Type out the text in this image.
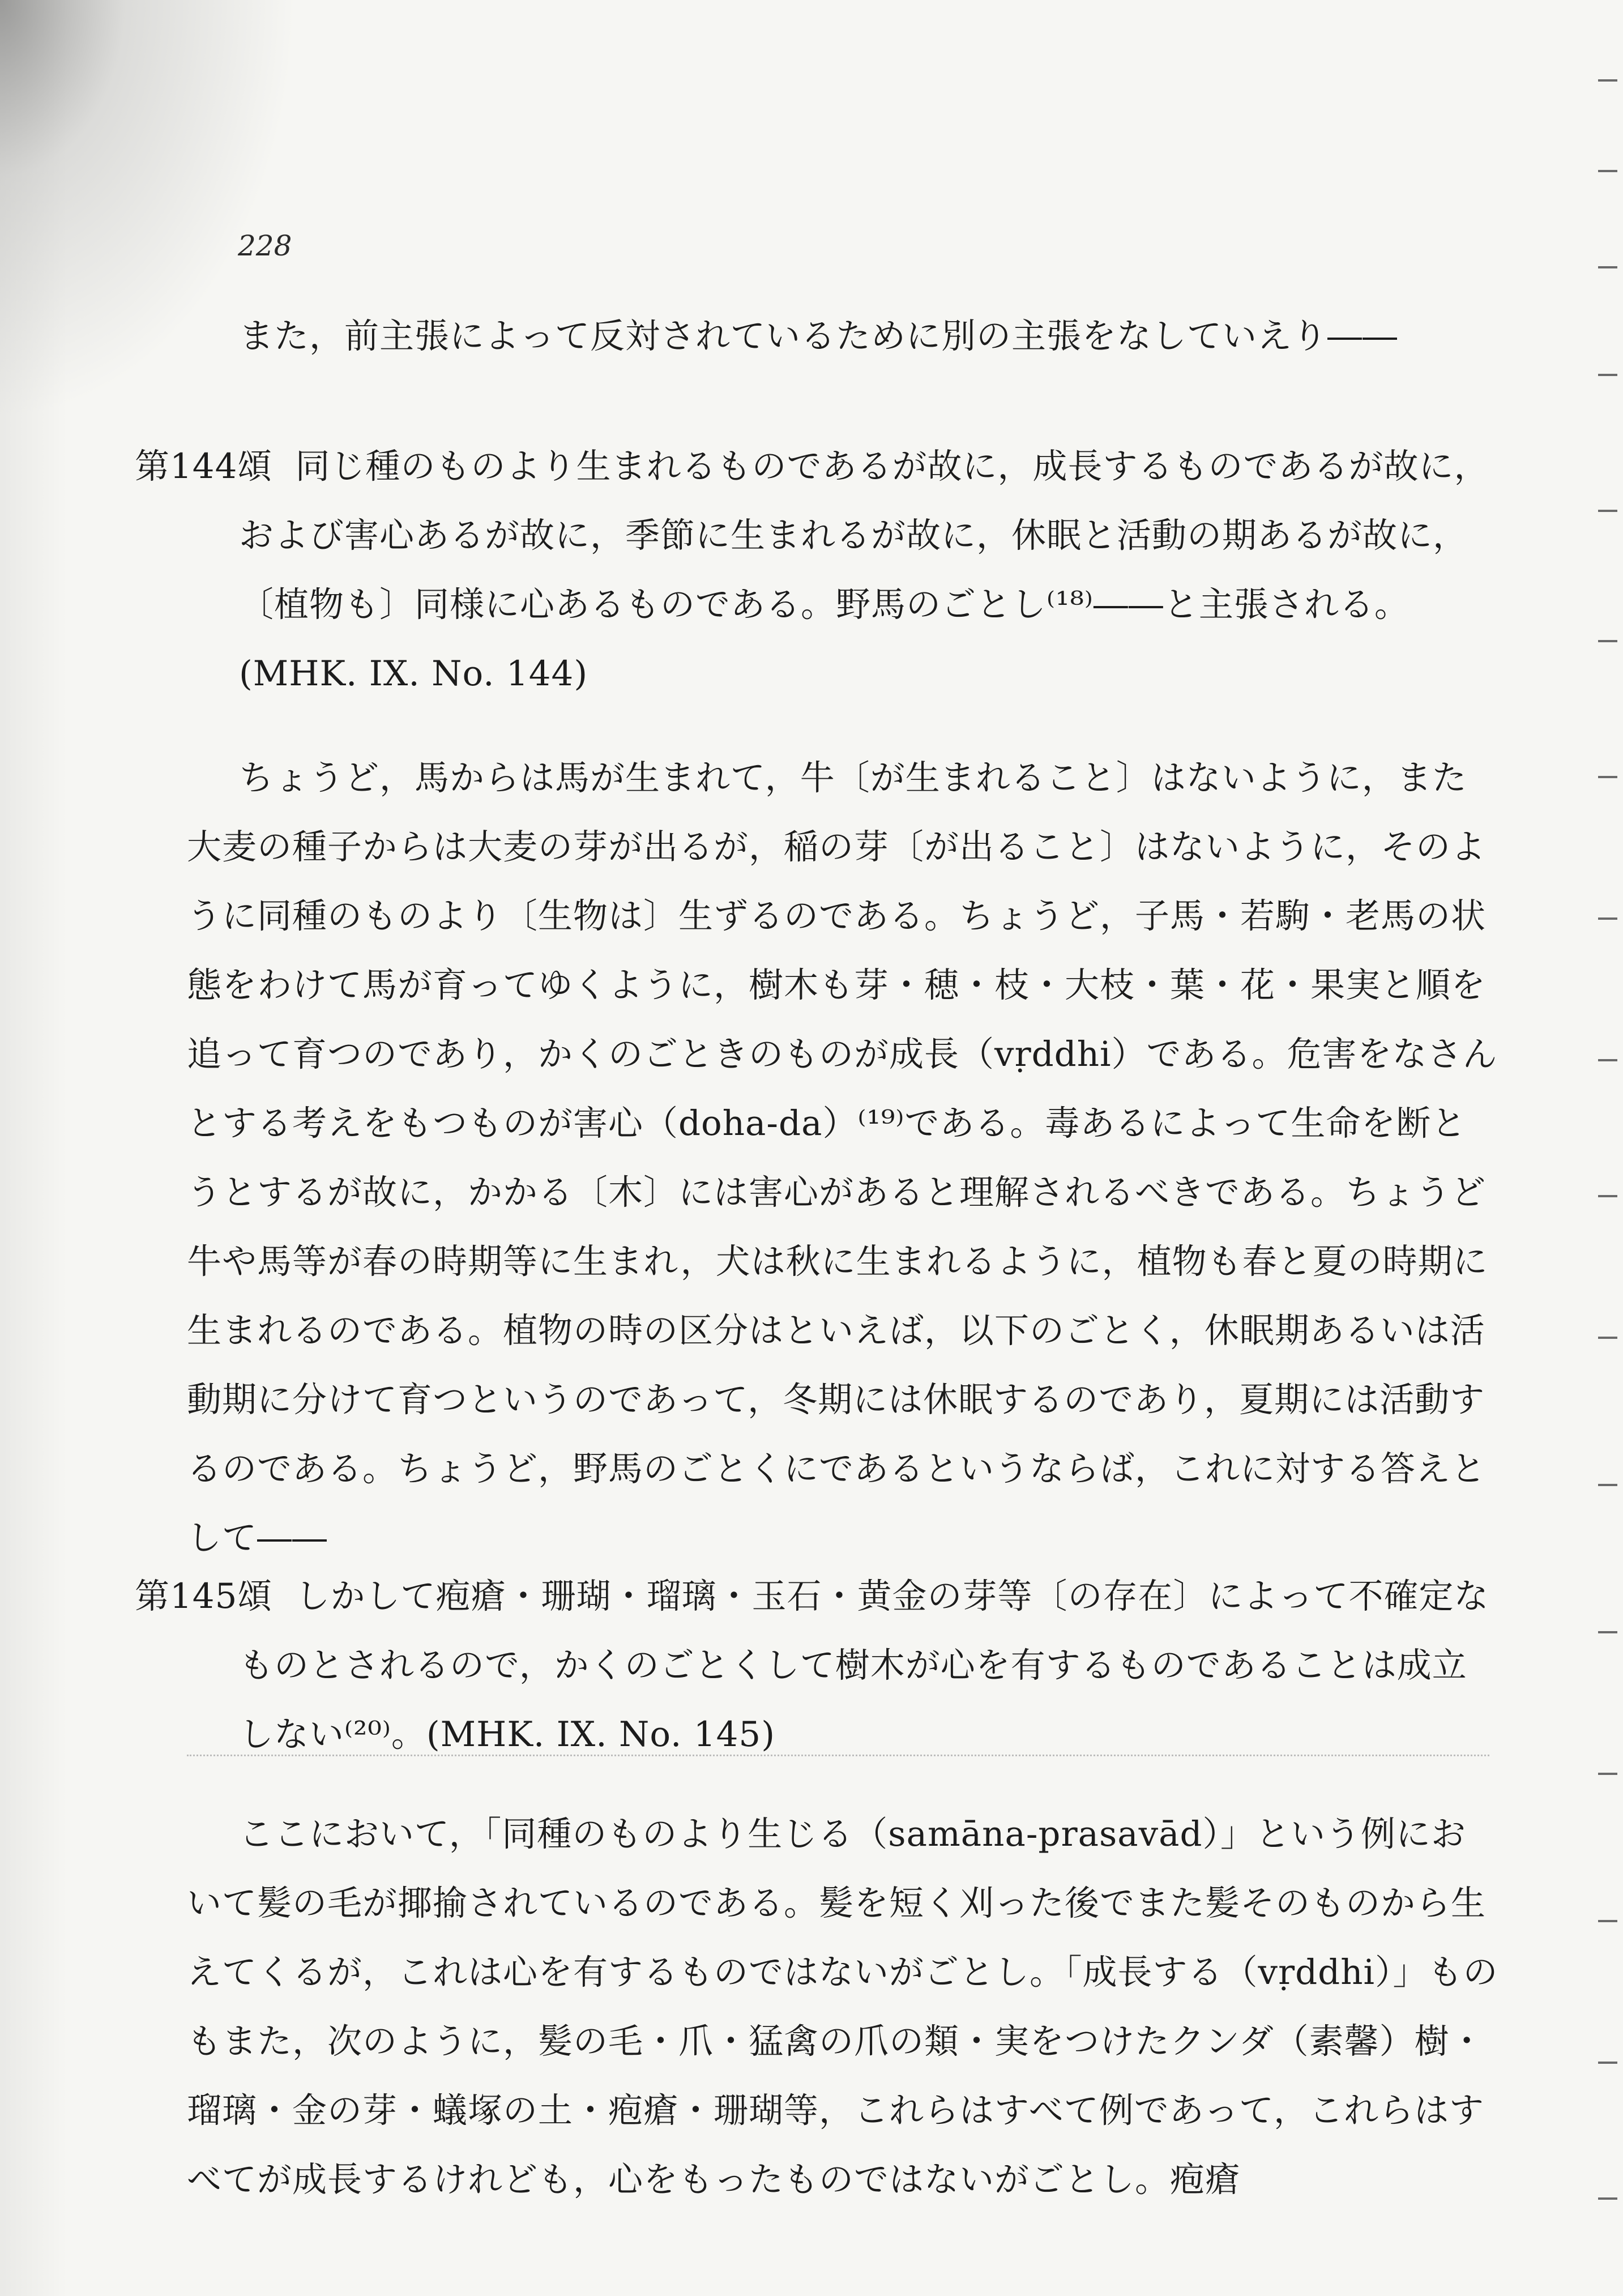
228

また，前主張によって反対されているために別の主張をなしていえり――

第144頌 同じ種のものより生まれるものであるが故に，成長するものであるが故に，および害心あるが故に，季節に生まれるが故に，休眠と活動の期あるが故に，〔植物も〕同様に心あるものである。野馬のごとし⁽¹⁸⁾――と主張される。(MHK. IX. No. 144)

ちょうど，馬からは馬が生まれて，牛〔が生まれること〕はないように，また大麦の種子からは大麦の芽が出るが，稲の芽〔が出ること〕はないように，そのように同種のものより〔生物は〕生ずるのである。ちょうど，子馬・若駒・老馬の状態をわけて馬が育ってゆくように，樹木も芽・穂・枝・大枝・葉・花・果実と順を追って育つのであり，かくのごときのものが成長（vṛddhi）である。危害をなさんとする考えをもつものが害心（doha-da）⁽¹⁹⁾である。毒あるによって生命を断とうとするが故に，かかる〔木〕には害心があると理解されるべきである。ちょうど牛や馬等が春の時期等に生まれ，犬は秋に生まれるように，植物も春と夏の時期に生まれるのである。植物の時の区分はといえば，以下のごとく，休眠期あるいは活動期に分けて育つというのであって，冬期には休眠するのであり，夏期には活動するのである。ちょうど，野馬のごとくにであるというならば，これに対する答えとして――

第145頌 しかして疱瘡・珊瑚・瑠璃・玉石・黄金の芽等〔の存在〕によって不確定なものとされるので，かくのごとくして樹木が心を有するものであることは成立しない⁽²⁰⁾。(MHK. IX. No. 145)

ここにおいて，「同種のものより生じる（samāna-prasavād）」という例において髪の毛が揶揄されているのである。髪を短く刈った後でまた髪そのものから生えてくるが，これは心を有するものではないがごとし。「成長する（vṛddhi）」ものもまた，次のように，髪の毛・爪・猛禽の爪の類・実をつけたクンダ（素馨）樹・瑠璃・金の芽・蟻塚の土・疱瘡・珊瑚等，これらはすべて例であって，これらはすべてが成長するけれども，心をもったものではないがごとし。疱瘡
